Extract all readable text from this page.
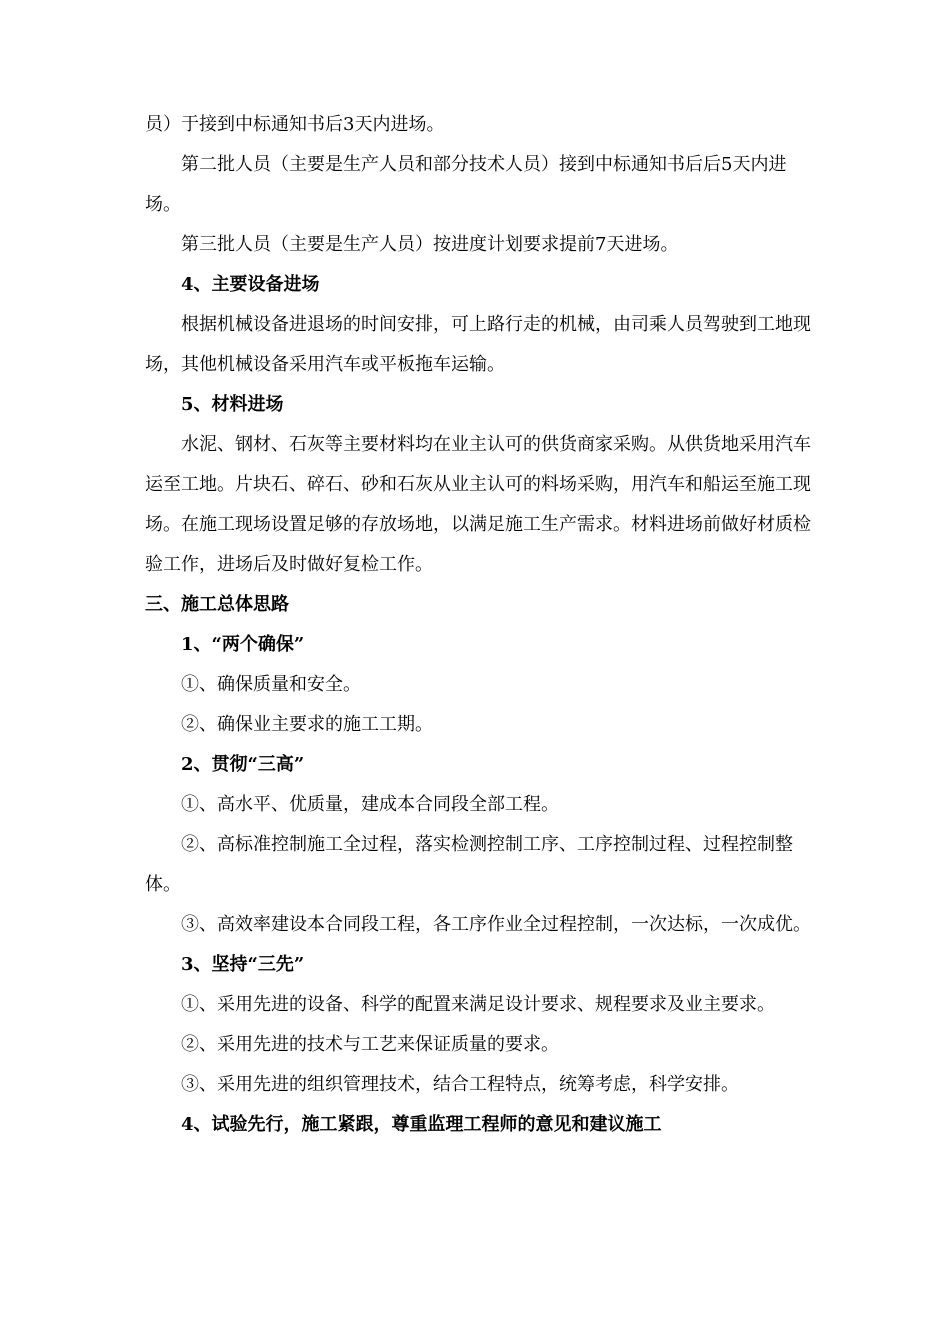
员）于接到中标通知书后3天内进场。

第二批人员（主要是生产人员和部分技术人员）接到中标通知书后后5天内进场。

第三批人员（主要是生产人员）按进度计划要求提前7天进场。

4、主要设备进场

根据机械设备进退场的时间安排，可上路行走的机械，由司乘人员驾驶到工地现场，其他机械设备采用汽车或平板拖车运输。

5、材料进场

水泥、钢材、石灰等主要材料均在业主认可的供货商家采购。从供货地采用汽车运至工地。片块石、碎石、砂和石灰从业主认可的料场采购，用汽车和船运至施工现场。在施工现场设置足够的存放场地，以满足施工生产需求。材料进场前做好材质检验工作，进场后及时做好复检工作。

三、施工总体思路

1、“两个确保”

①、确保质量和安全。

②、确保业主要求的施工工期。

2、贯彻“三高”

①、高水平、优质量，建成本合同段全部工程。

②、高标准控制施工全过程，落实检测控制工序、工序控制过程、过程控制整体。

③、高效率建设本合同段工程，各工序作业全过程控制，一次达标，一次成优。

3、坚持“三先”

①、采用先进的设备、科学的配置来满足设计要求、规程要求及业主要求。

②、采用先进的技术与工艺来保证质量的要求。

③、采用先进的组织管理技术，结合工程特点，统筹考虑，科学安排。

4、试验先行，施工紧跟，尊重监理工程师的意见和建议施工
